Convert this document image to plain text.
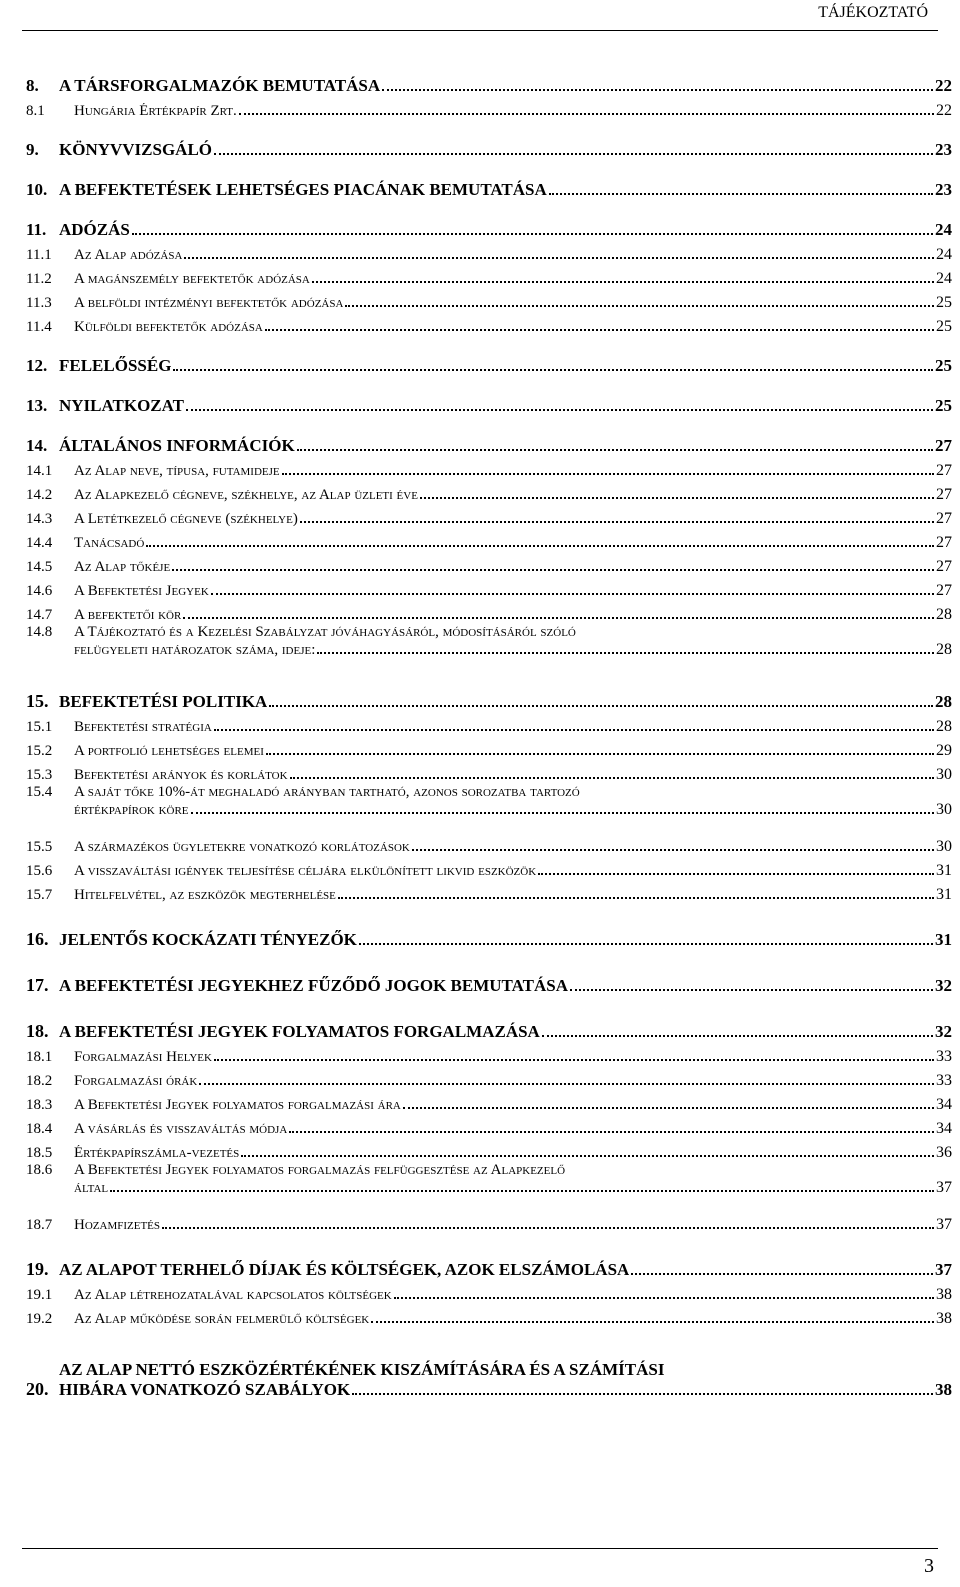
TÁJÉKOZTATÓ
8.	A TÁRSFORGALMAZÓK BEMUTATÁSA	22
8.1	Hungária Értékpapír Zrt.	22
9.	KÖNYVVIZSGÁLÓ	23
10. A BEFEKTETÉSEK LEHETSÉGES PIACÁNAK BEMUTATÁSA	23
11. ADÓZÁS	24
11.1	Az Alap adózása	24
11.2	A magánszemély befektetők adózása	24
11.3	A belföldi intézményi befektetők adózása	25
11.4	Külföldi befektetők adózása	25
12. FELELŐSSÉG	25
13. NYILATKOZAT	25
14. ÁLTALÁNOS INFORMÁCIÓK	27
14.1	Az Alap neve, típusa, futamideje	27
14.2	Az Alapkezelő cégneve, székhelye, az Alap üzleti éve	27
14.3	A Letétkezelő cégneve (székhelye)	27
14.4	Tanácsadó	27
14.5	Az Alap tőkéje	27
14.6	A Befektetési Jegyek	27
14.7	A befektetői kör	28
14.8	A Tájékoztató és a Kezelési Szabályzat jóváhagyásáról, módosításáról szóló
felügyeleti határozatok száma, ideje:	28
15. BEFEKTETÉSI POLITIKA	28
15.1	Befektetési stratégia	28
15.2	A portfolió lehetséges elemei	29
15.3	Befektetési arányok és korlátok	30
15.4	A saját tőke 10%-át meghaladó arányban tartható, azonos sorozatba tartozó
értékpapírok köre	30
15.5	A származékos ügyletekre vonatkozó korlátozások	30
15.6	A visszaváltási igények teljesítése céljára elkülönített likvid eszközök	31
15.7	Hitelfelvétel, az eszközök megterhelése	31
16. JELENTŐS KOCKÁZATI TÉNYEZŐK	31
17. A BEFEKTETÉSI JEGYEKHEZ FŰZŐDŐ JOGOK BEMUTATÁSA	32
18. A BEFEKTETÉSI JEGYEK FOLYAMATOS FORGALMAZÁSA	32
18.1	Forgalmazási Helyek	33
18.2	Forgalmazási órák	33
18.3	A Befektetési Jegyek folyamatos forgalmazási ára	34
18.4	A vásárlás és visszaváltás módja	34
18.5	Értékpapírszámla-vezetés	36
18.6	A Befektetési Jegyek folyamatos forgalmazás felfüggesztése az Alapkezelő
által	37
18.7	Hozamfizetés	37
19. AZ ALAPOT TERHELŐ DÍJAK ÉS KÖLTSÉGEK, AZOK ELSZÁMOLÁSA	37
19.1	Az Alap létrehozatalával kapcsolatos költségek	38
19.2	Az Alap működése során felmerülő költségek	38
20.
AZ ALAP NETTÓ ESZKÖZÉRTÉKÉNEK KISZÁMÍTÁSÁRA ÉS A SZÁMÍTÁSI
HIBÁRA VONATKOZÓ SZABÁLYOK	38
3
